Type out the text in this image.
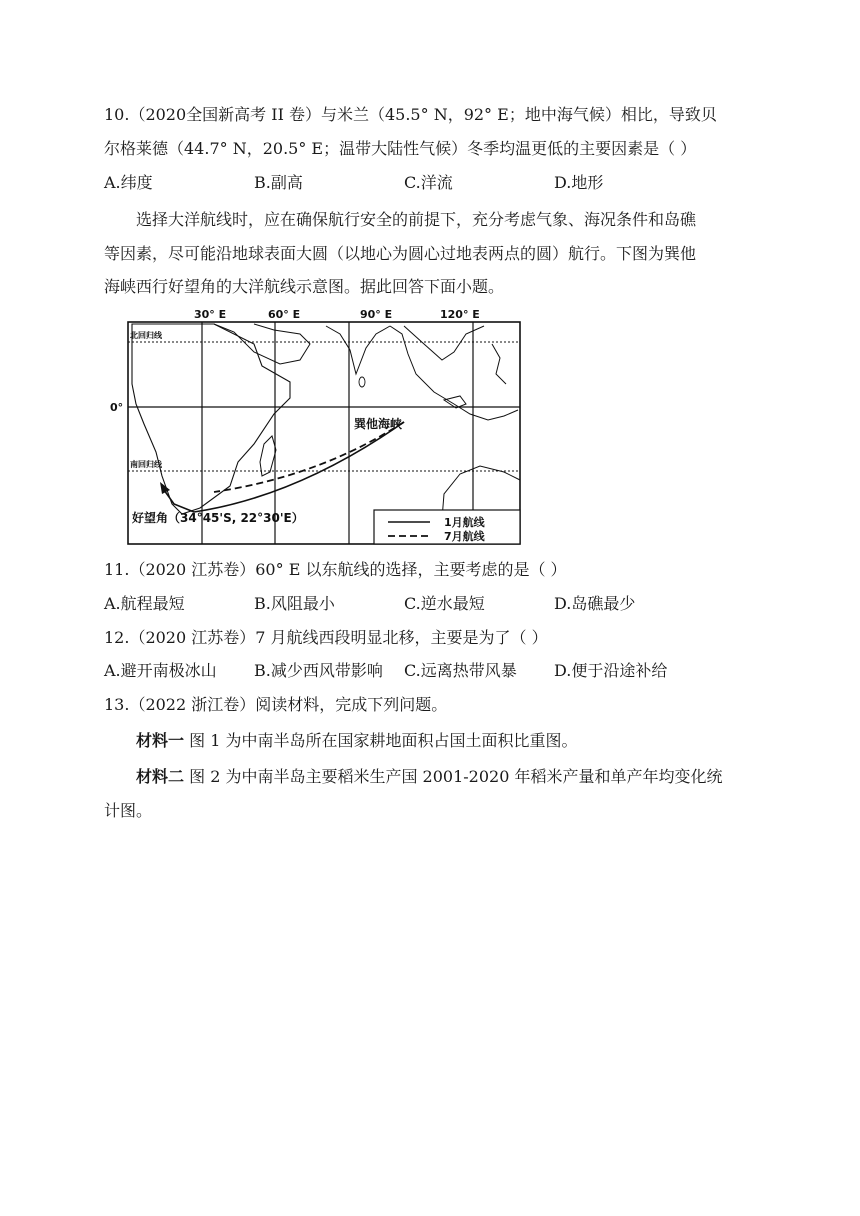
10.（2020全国新高考 II 卷）与米兰（45.5° N，92° E；地中海气候）相比，导致贝
尔格莱德（44.7° N，20.5° E；温带大陆性气候）冬季均温更低的主要因素是（ ）
A.纬度	B.副高	C.洋流	D.地形
选择大洋航线时，应在确保航行安全的前提下，充分考虑气象、海况条件和岛礁
等因素，尽可能沿地球表面大圆（以地心为圆心过地表两点的圆）航行。下图为巽他
海峡西行好望角的大洋航线示意图。据此回答下面小题。
30° E	60° E	90° E	120° E
北回归线
0°
南回归线
巽他海峡
好望角（34°45'S, 22°30'E）	1月航线
7月航线
11.（2020 江苏卷）60° E 以东航线的选择，主要考虑的是（ ）
A.航程最短	B.风阻最小	C.逆水最短	D.岛礁最少
12.（2020 江苏卷）7 月航线西段明显北移，主要是为了（ ）
A.避开南极冰山 B.减少西风带影响 C.远离热带风暴 D.便于沿途补给
13.（2022 浙江卷）阅读材料，完成下列问题。
材料一 图 1 为中南半岛所在国家耕地面积占国土面积比重图。
材料二 图 2 为中南半岛主要稻米生产国 2001-2020 年稻米产量和单产年均变化统
计图。
